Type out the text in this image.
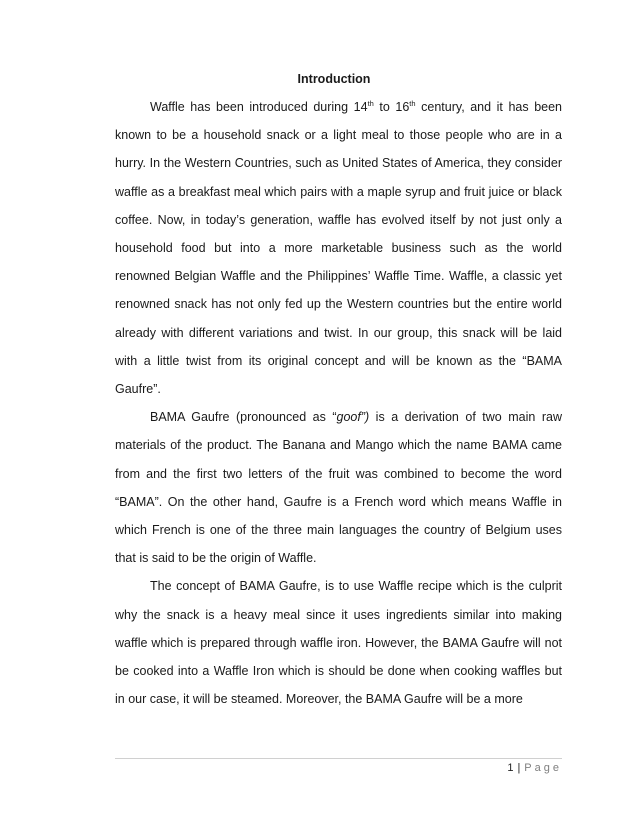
Introduction

Waffle has been introduced during 14th to 16th century, and it has been known to be a household snack or a light meal to those people who are in a hurry. In the Western Countries, such as United States of America, they consider waffle as a breakfast meal which pairs with a maple syrup and fruit juice or black coffee. Now, in today’s generation, waffle has evolved itself by not just only a household food but into a more marketable business such as the world renowned Belgian Waffle and the Philippines’ Waffle Time. Waffle, a classic yet renowned snack has not only fed up the Western countries but the entire world already with different variations and twist. In our group, this snack will be laid with a little twist from its original concept and will be known as the “BAMA Gaufre”.

BAMA Gaufre (pronounced as “goof”) is a derivation of two main raw materials of the product. The Banana and Mango which the name BAMA came from and the first two letters of the fruit was combined to become the word “BAMA”. On the other hand, Gaufre is a French word which means Waffle in which French is one of the three main languages the country of Belgium uses that is said to be the origin of Waffle.

The concept of BAMA Gaufre, is to use Waffle recipe which is the culprit why the snack is a heavy meal since it uses ingredients similar into making waffle which is prepared through waffle iron. However, the BAMA Gaufre will not be cooked into a Waffle Iron which is should be done when cooking waffles but in our case, it will be steamed. Moreover, the BAMA Gaufre will be a more

1 | Page
